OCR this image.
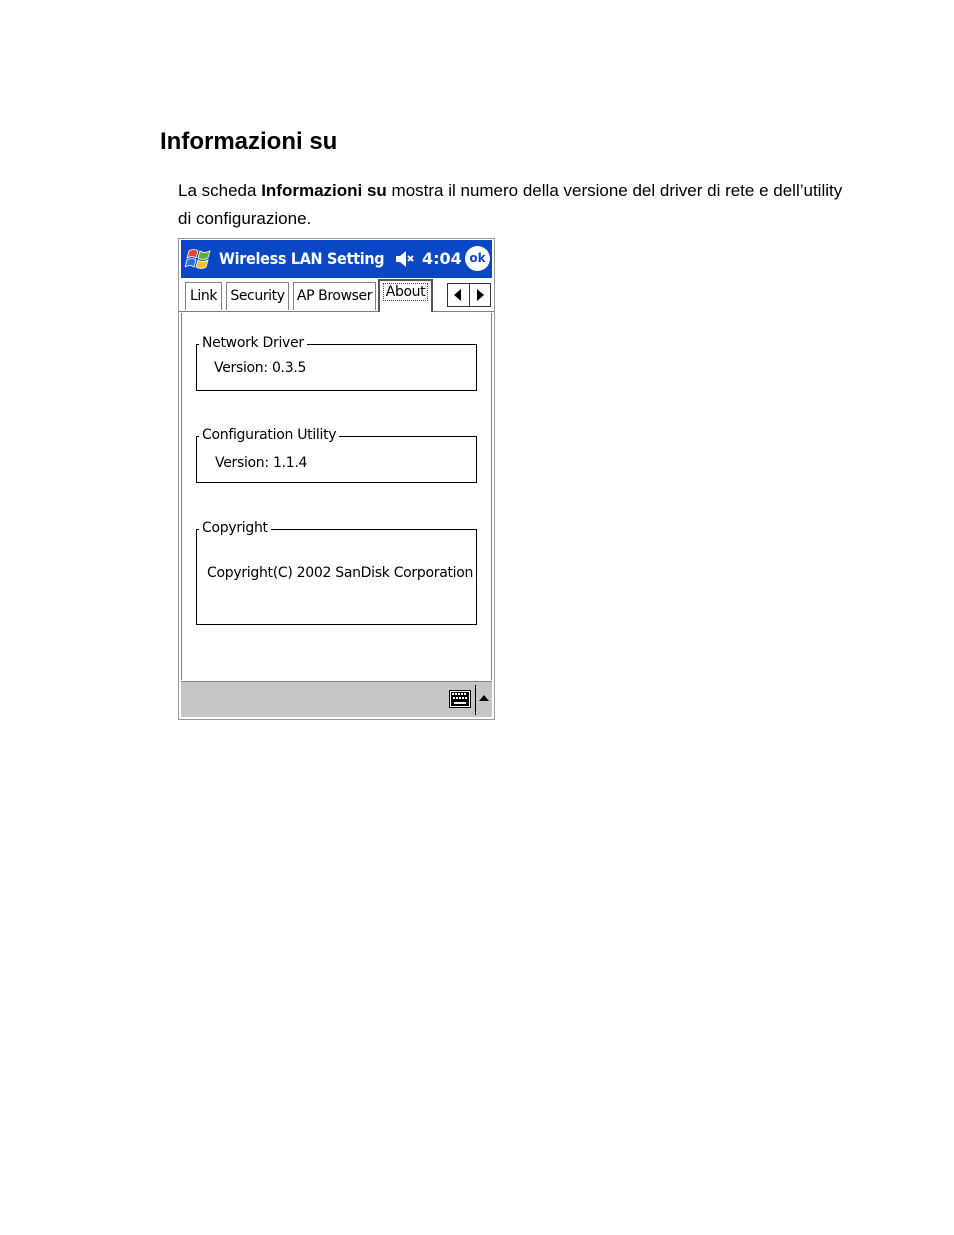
Informazioni su
La scheda Informazioni su mostra il numero della versione del driver di rete e dell’utility di configurazione.
Wireless LAN Setting 4:04 ok
Link Security AP Browser About
Network Driver
Version: 0.3.5
Configuration Utility
Version: 1.1.4
Copyright
Copyright(C) 2002 SanDisk Corporation
